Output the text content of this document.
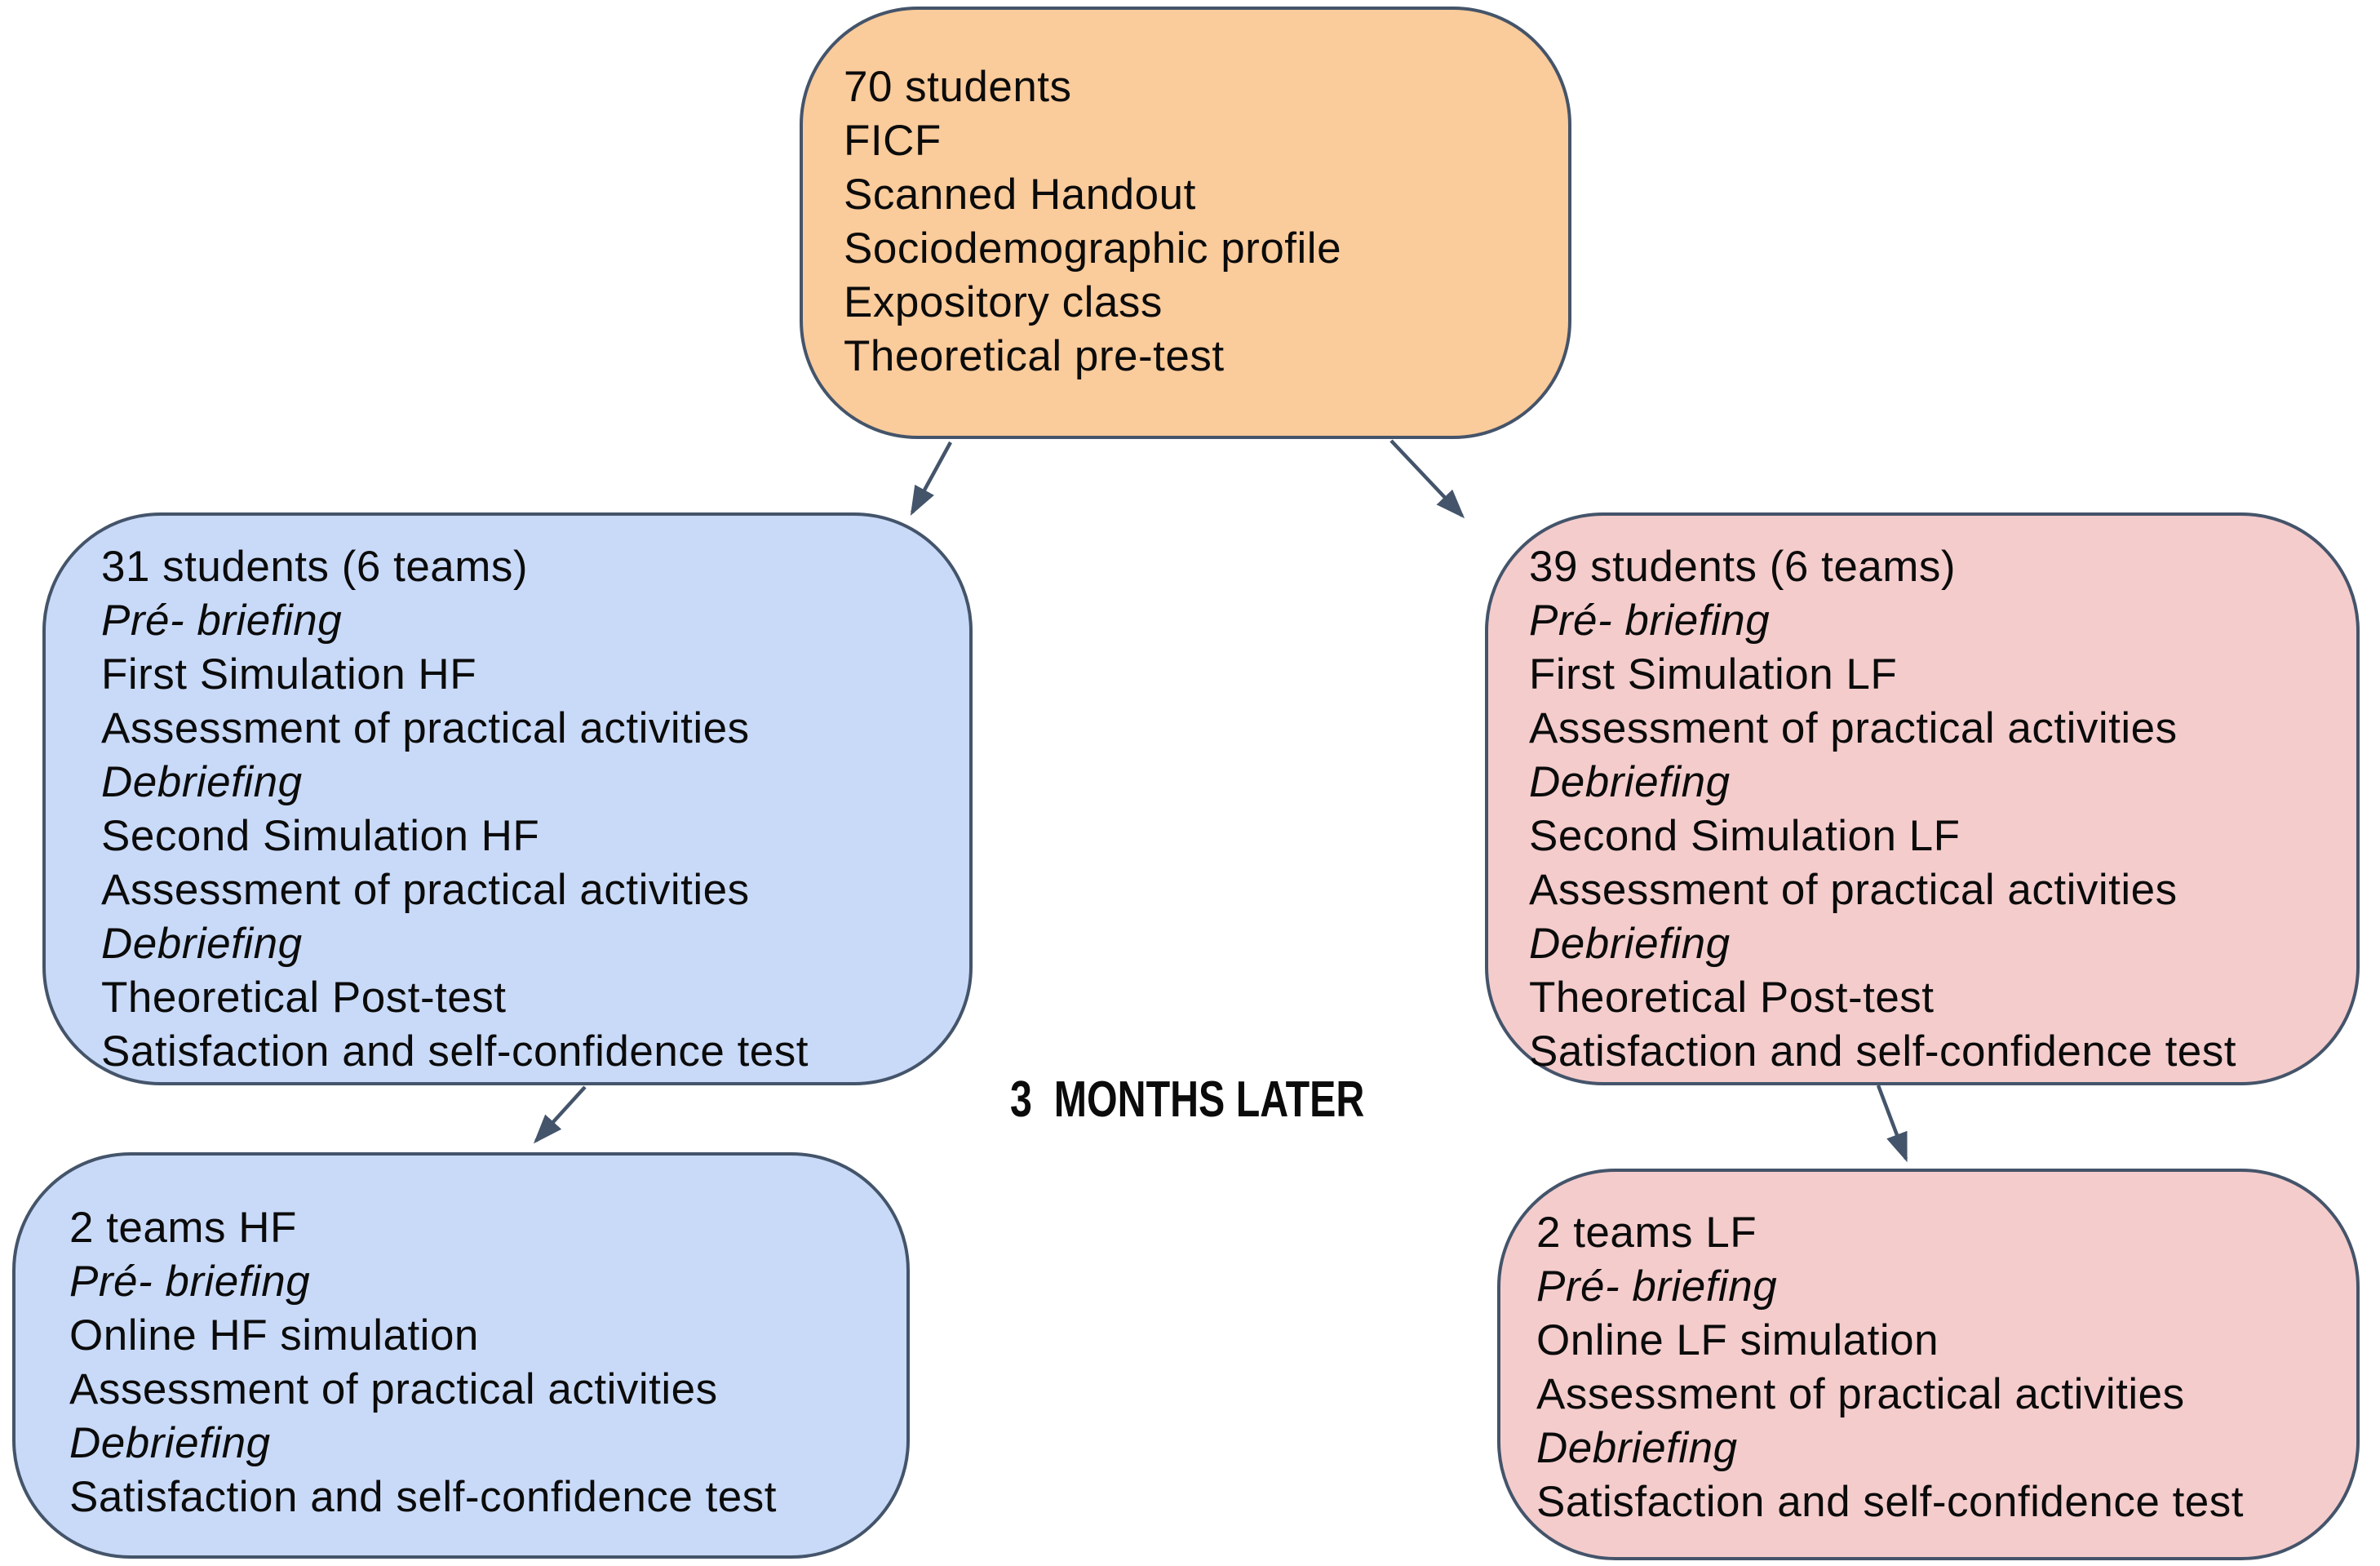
70 students
FICF
Scanned Handout
Sociodemographic profile
Expository class
Theoretical pre-test
31 students (6 teams)
Pré- briefing
First Simulation HF
Assessment of practical activities
Debriefing
Second Simulation HF
Assessment of practical activities
Debriefing
Theoretical Post-test
Satisfaction and self-confidence test
39 students (6 teams)
Pré- briefing
First Simulation LF
Assessment of practical activities
Debriefing
Second Simulation LF
Assessment of practical activities
Debriefing
Theoretical Post-test
Satisfaction and self-confidence test
3  MONTHS LATER
2 teams HF
Pré- briefing
Online HF simulation
Assessment of practical activities
Debriefing
Satisfaction and self-confidence test
2 teams LF
Pré- briefing
Online LF simulation
Assessment of practical activities
Debriefing
Satisfaction and self-confidence test
